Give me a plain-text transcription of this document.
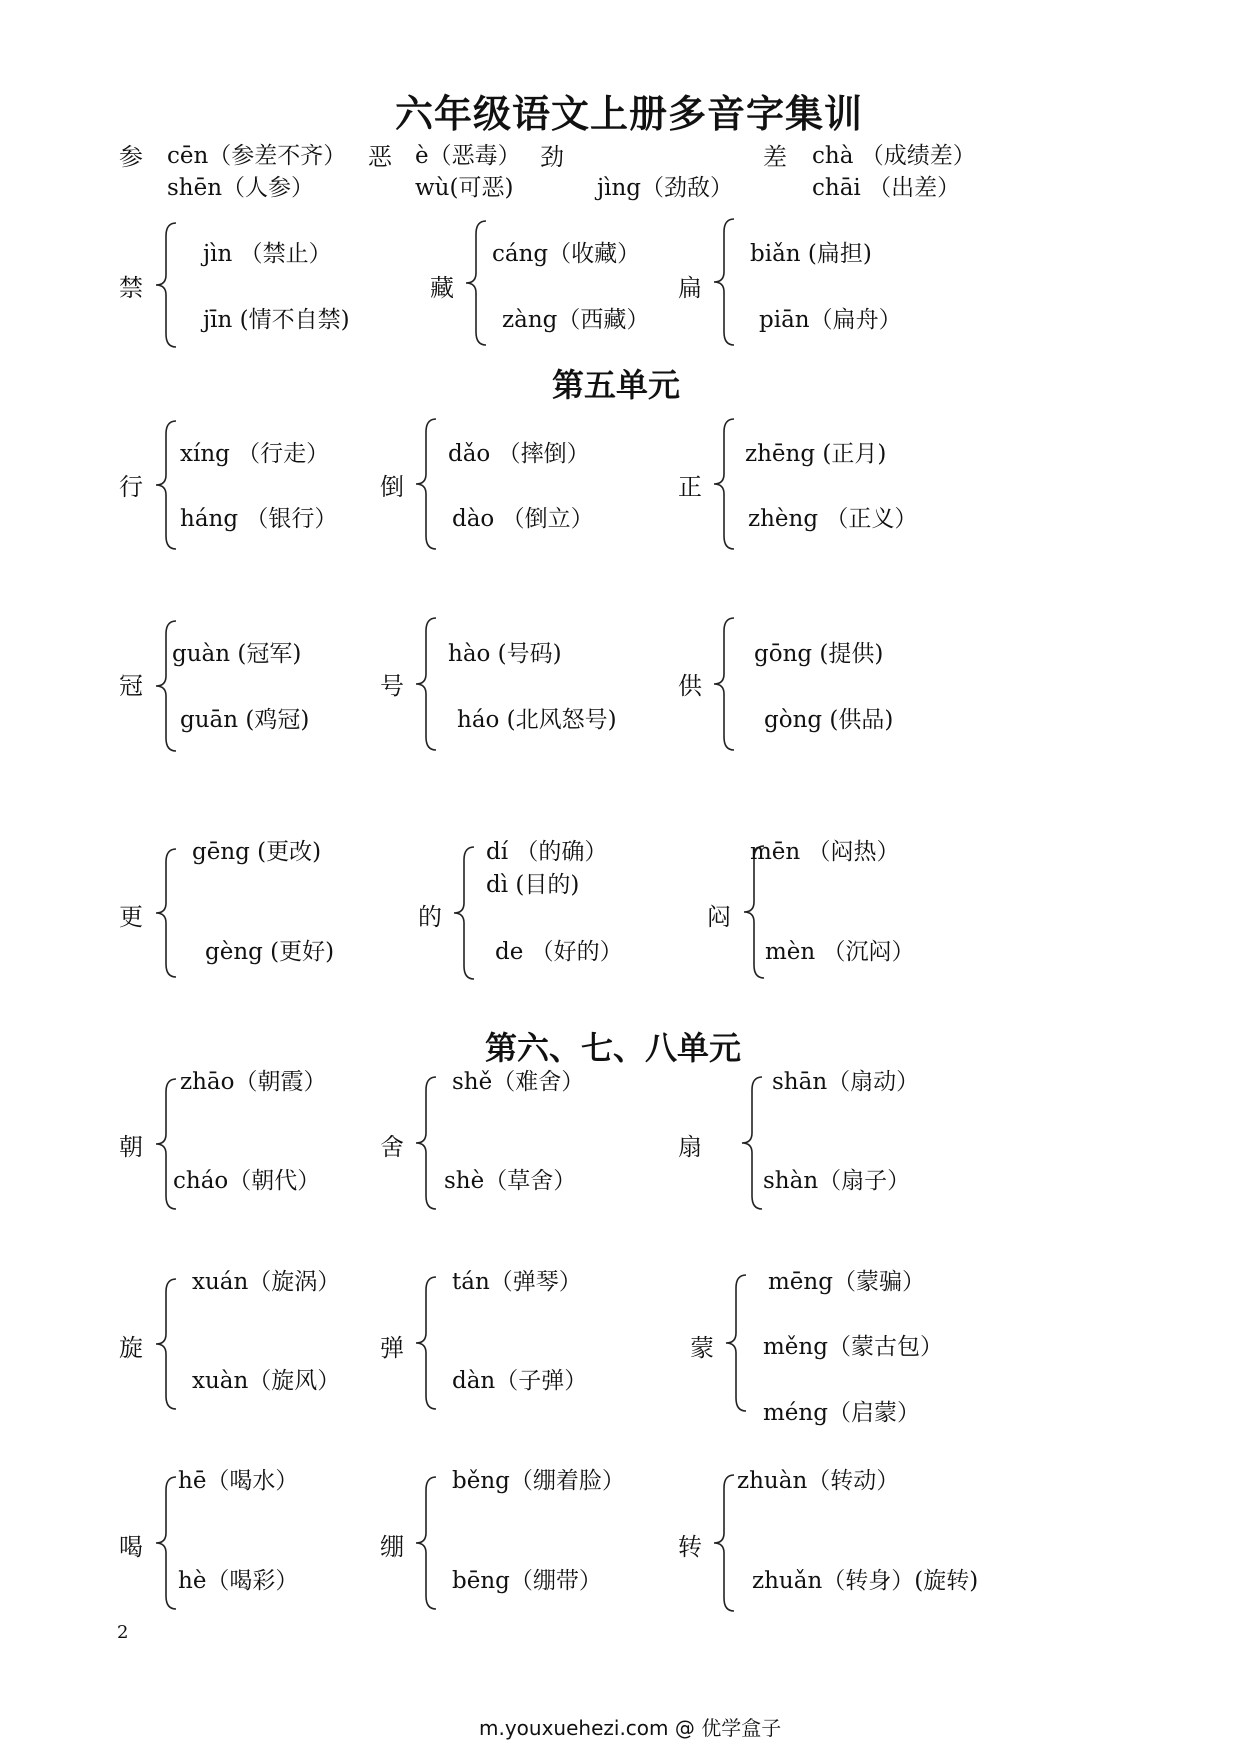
六年级语文上册多音字集训
参 cēn（参差不齐）
shēn（人参）
恶 è（恶毒）
wù(可恶)
劲
jìng（劲敌）
差 chà （成绩差）
chāi （出差）
禁
jìn （禁止）
jīn (情不自禁)
藏
cáng（收藏）
zàng（西藏）
扁
biǎn (扁担)
piān（扁舟）
第五单元
行
xíng （行走）
háng （银行）
倒
dǎo （摔倒）
dào （倒立）
正
zhēng (正月)
zhèng （正义）
冠
guàn (冠军)
guān (鸡冠)
号
hào (号码)
háo (北风怒号)
供
gōng (提供)
gòng (供品)
更
gēng (更改)
gèng (更好)
的
dí （的确）
dì (目的)
de （好的）
闷
mēn （闷热）
mèn （沉闷）
第六、七、八单元
朝
zhāo（朝霞）
cháo（朝代）
舍
shě（难舍）
shè（草舍）
扇
shān（扇动）
shàn（扇子）
旋
xuán（旋涡）
xuàn（旋风）
弹
tán（弹琴）
dàn（子弹）
蒙
mēng（蒙骗）
měng（蒙古包）
méng（启蒙）
喝
hē（喝水）
hè（喝彩）
绷
běng（绷着脸）
bēng（绷带）
转
zhuàn（转动）
zhuǎn（转身）(旋转)
2
m.youxuehezi.com @ 优学盒子
